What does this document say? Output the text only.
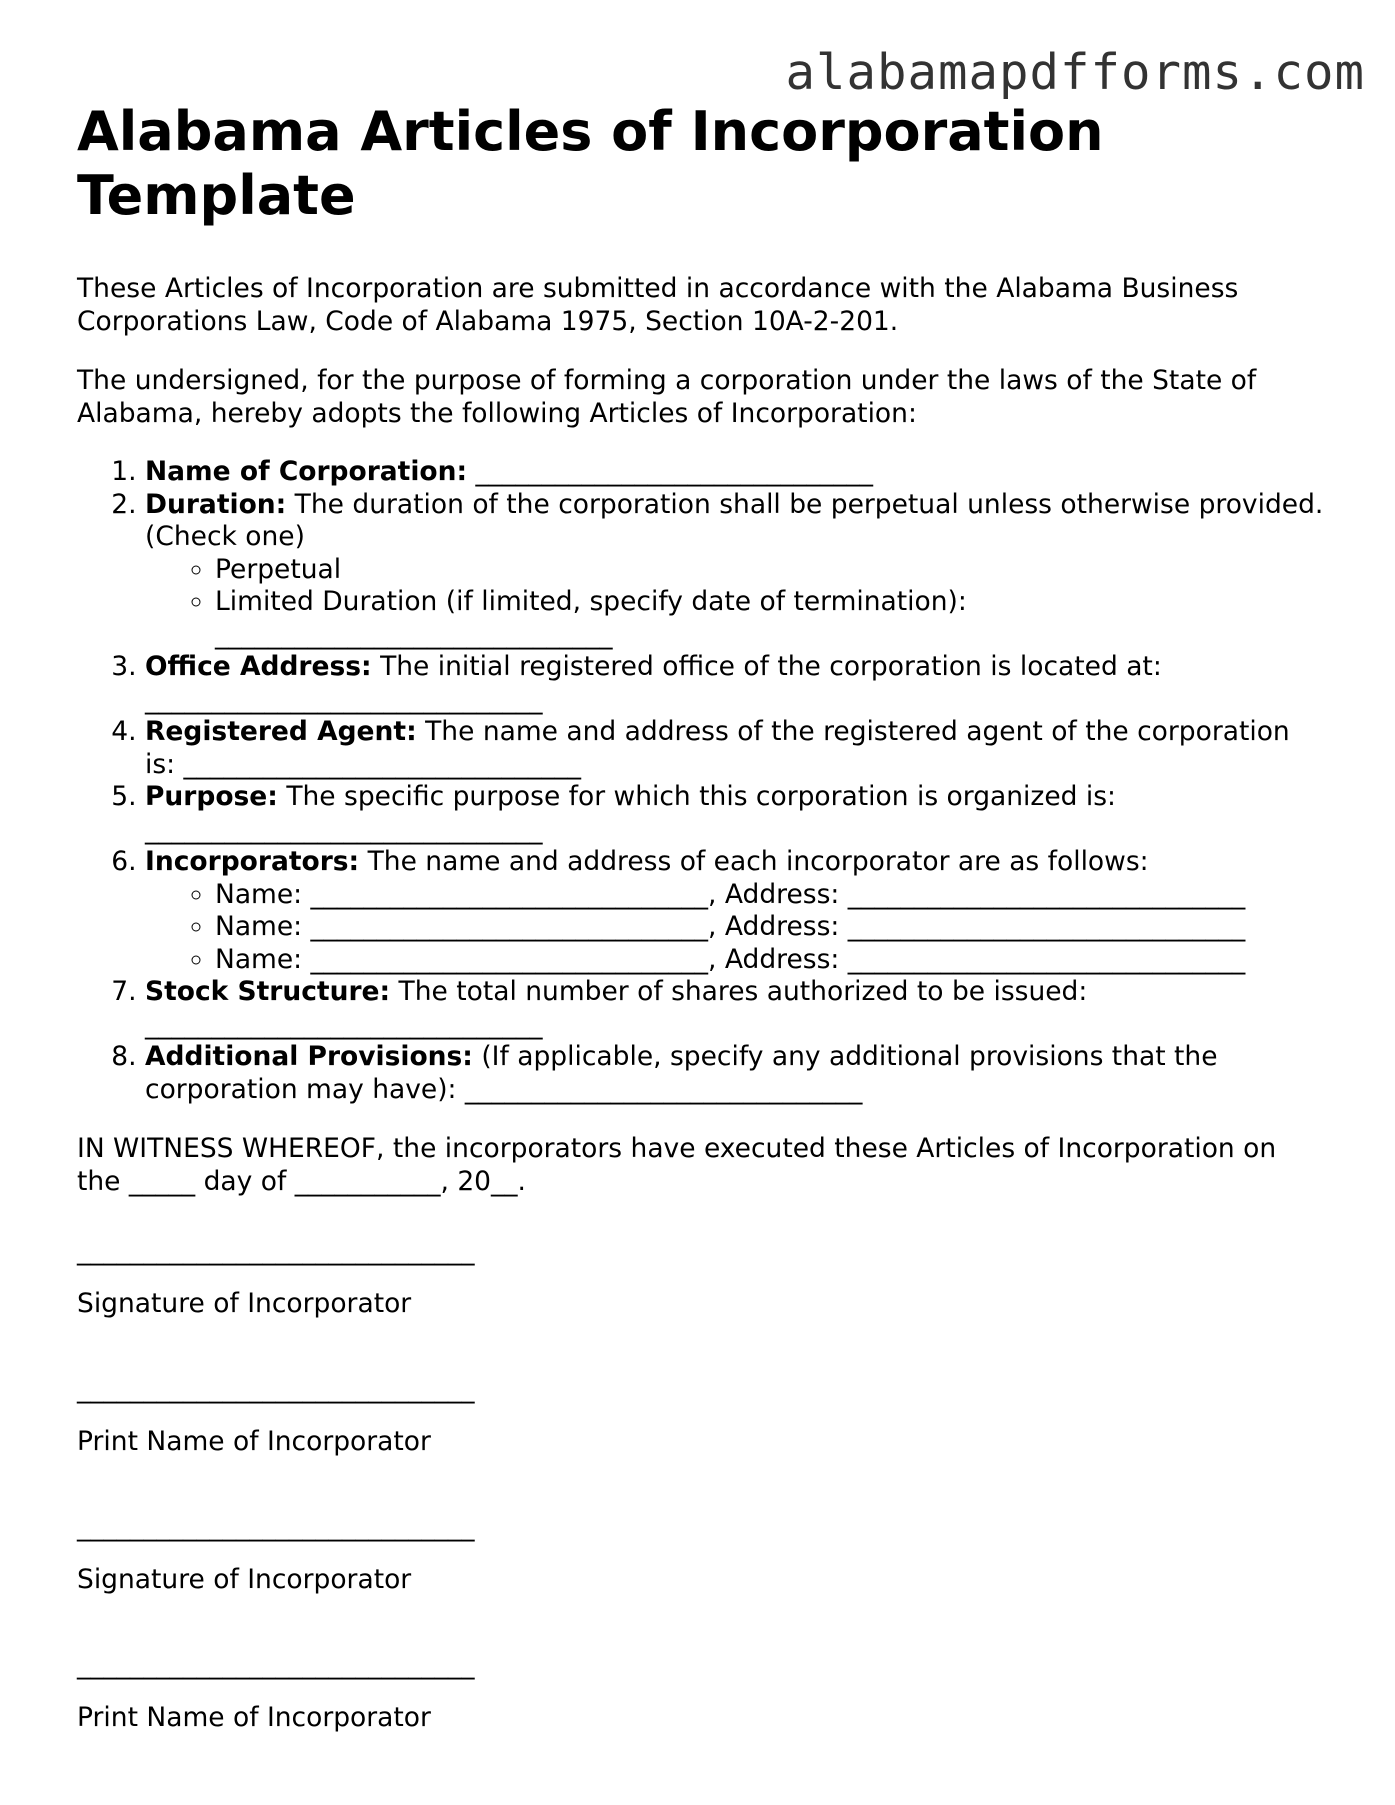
alabamapdfforms.com
Alabama Articles of Incorporation Template

These Articles of Incorporation are submitted in accordance with the Alabama Business Corporations Law, Code of Alabama 1975, Section 10A-2-201.

The undersigned, for the purpose of forming a corporation under the laws of the State of Alabama, hereby adopts the following Articles of Incorporation:

1. Name of Corporation: ______________________________
2. Duration: The duration of the corporation shall be perpetual unless otherwise provided. (Check one)
◦ Perpetual
◦ Limited Duration (if limited, specify date of termination):
______________________________
3. Office Address: The initial registered office of the corporation is located at:
______________________________
4. Registered Agent: The name and address of the registered agent of the corporation is: ______________________________
5. Purpose: The specific purpose for which this corporation is organized is:
______________________________
6. Incorporators: The name and address of each incorporator are as follows:
◦ Name: ______________________________, Address: ______________________________
◦ Name: ______________________________, Address: ______________________________
◦ Name: ______________________________, Address: ______________________________
7. Stock Structure: The total number of shares authorized to be issued:
______________________________
8. Additional Provisions: (If applicable, specify any additional provisions that the corporation may have): ______________________________

IN WITNESS WHEREOF, the incorporators have executed these Articles of Incorporation on the _____ day of ___________, 20__.

______________________________
Signature of Incorporator
______________________________
Print Name of Incorporator
______________________________
Signature of Incorporator
______________________________
Print Name of Incorporator
